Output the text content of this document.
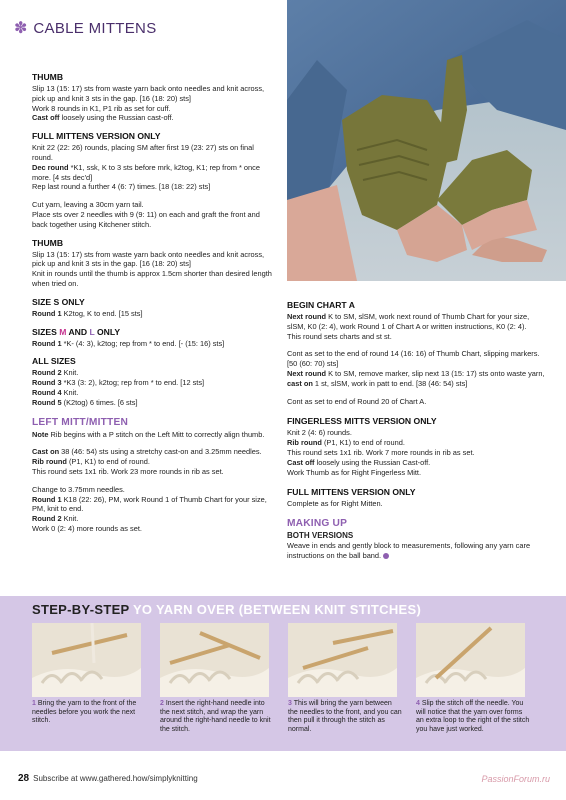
✽ CABLE MITTENS
THUMB

Slip 13 (15: 17) sts from waste yarn back onto needles and knit across, pick up and knit 3 sts in the gap. [16 (18: 20) sts]

Work 8 rounds in K1, P1 rib as set for cuff.

Cast off loosely using the Russian cast-off.

FULL MITTENS VERSION ONLY

Knit 22 (22: 26) rounds, placing SM after first 19 (23: 27) sts on final round.

Dec round *K1, ssk, K to 3 sts before mrk, k2tog, K1; rep from * once more. [4 sts dec'd]

Rep last round a further 4 (6: 7) times. [18 (18: 22) sts]

Cut yarn, leaving a 30cm yarn tail.

Place sts over 2 needles with 9 (9: 11) on each and graft the front and back together using Kitchener stitch.

THUMB

Slip 13 (15: 17) sts from waste yarn back onto needles and knit across, pick up and knit 3 sts in the gap. [16 (18: 20) sts]

Knit in rounds until the thumb is approx 1.5cm shorter than desired length when tried on.

SIZE S ONLY

Round 1 K2tog, K to end. [15 sts]

SIZES M AND L ONLY

Round 1 *K- (4: 3), k2tog; rep from * to end. [- (15: 16) sts]

ALL SIZES

Round 2 Knit.

Round 3 *K3 (3: 2), k2tog; rep from * to end. [12 sts]

Round 4 Knit.

Round 5 (K2tog) 6 times. [6 sts]

LEFT MITT/MITTEN

Note Rib begins with a P stitch on the Left Mitt to correctly align thumb.

Cast on 38 (46: 54) sts using a stretchy cast-on and 3.25mm needles.

Rib round (P1, K1) to end of round.

This round sets 1x1 rib. Work 23 more rounds in rib as set.

Change to 3.75mm needles.

Round 1 K18 (22: 26), PM, work Round 1 of Thumb Chart for your size, PM, knit to end.

Round 2 Knit.

Work 0 (2: 4) more rounds as set.

BEGIN CHART A

Next round K to SM, slSM, work next round of Thumb Chart for your size, slSM, K0 (2: 4), work Round 1 of Chart A or written instructions, K0 (2: 4).

This round sets charts and st st.

Cont as set to the end of round 14 (16: 16) of Thumb Chart, slipping markers. [50 (60: 70) sts]

Next round K to SM, remove marker, slip next 13 (15: 17) sts onto waste yarn, cast on 1 st, slSM, work in patt to end. [38 (46: 54) sts]

Cont as set to end of Round 20 of Chart A.

FINGERLESS MITTS VERSION ONLY

Knit 2 (4: 6) rounds.

Rib round (P1, K1) to end of round.

This round sets 1x1 rib. Work 7 more rounds in rib as set.

Cast off loosely using the Russian Cast-off.

Work Thumb as for Right Fingerless Mitt.

FULL MITTENS VERSION ONLY

Complete as for Right Mitten.

MAKING UP
BOTH VERSIONS

Weave in ends and gently block to measurements, following any yarn care instructions on the ball band.

STEP-BY-STEP YO YARN OVER (BETWEEN KNIT STITCHES)
1 Bring the yarn to the front of the needles before you work the next stitch.
2 Insert the right-hand needle into the next stitch, and wrap the yarn around the right-hand needle to knit the stitch.
3 This will bring the yarn between the needles to the front, and you can then pull it through the stitch as normal.
4 Slip the stitch off the needle. You will notice that the yarn over forms an extra loop to the right of the stitch you have just worked.
28 Subscribe at www.gathered.how/simplyknitting	PassionForum.ru
